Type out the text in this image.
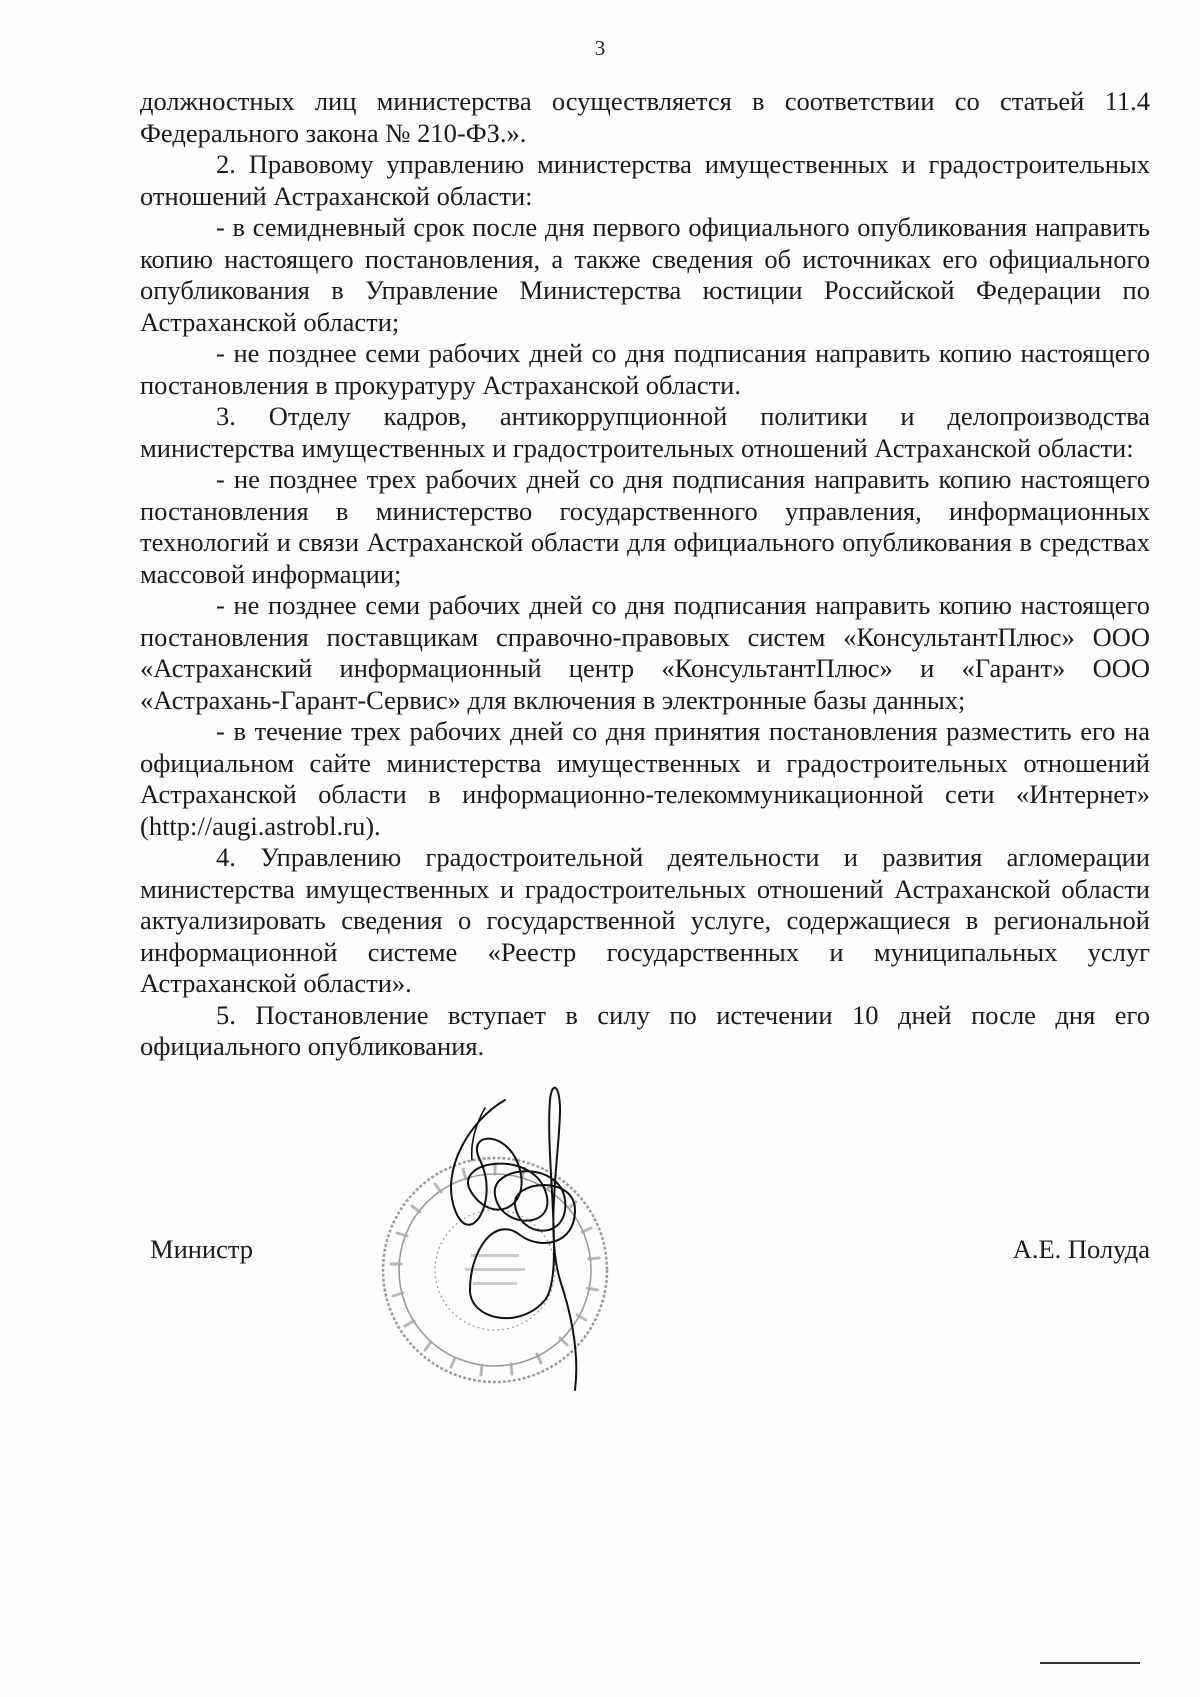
3

должностных лиц министерства осуществляется в соответствии со статьей 11.4 Федерального закона № 210-ФЗ.».

2. Правовому управлению министерства имущественных и градостроительных отношений Астраханской области:

- в семидневный срок после дня первого официального опубликования направить копию настоящего постановления, а также сведения об источниках его официального опубликования в Управление Министерства юстиции Российской Федерации по Астраханской области;

- не позднее семи рабочих дней со дня подписания направить копию настоящего постановления в прокуратуру Астраханской области.

3. Отделу кадров, антикоррупционной политики и делопроизводства министерства имущественных и градостроительных отношений Астраханской области:

- не позднее трех рабочих дней со дня подписания направить копию настоящего постановления в министерство государственного управления, информационных технологий и связи Астраханской области для официального опубликования в средствах массовой информации;

- не позднее семи рабочих дней со дня подписания направить копию настоящего постановления поставщикам справочно-правовых систем «КонсультантПлюс» ООО «Астраханский информационный центр «КонсультантПлюс» и «Гарант» ООО «Астрахань-Гарант-Сервис» для включения в электронные базы данных;

- в течение трех рабочих дней со дня принятия постановления разместить его на официальном сайте министерства имущественных и градостроительных отношений Астраханской области в информационно-телекоммуникационной сети «Интернет» (http://augi.astrobl.ru).

4. Управлению градостроительной деятельности и развития агломерации министерства имущественных и градостроительных отношений Астраханской области актуализировать сведения о государственной услуге, содержащиеся в региональной информационной системе «Реестр государственных и муниципальных услуг Астраханской области».

5. Постановление вступает в силу по истечении 10 дней после дня его официального опубликования.

Министр	А.Е. Полуда
